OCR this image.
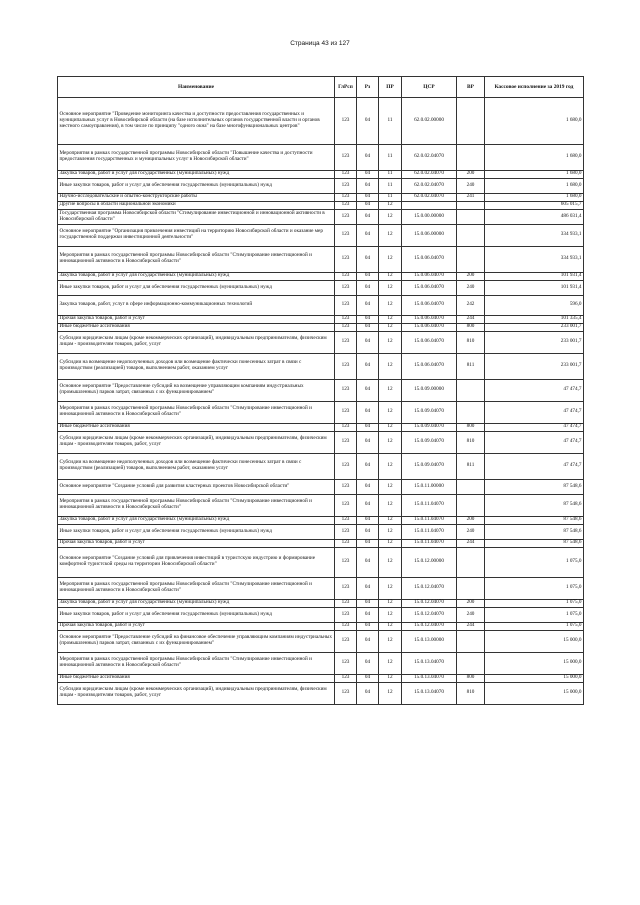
Страница 43 из 127
Наименование	ГлРсп	Рз	ПР	ЦСР	ВР	Кассовое исполнение за 2019 год
Основное мероприятие "Проведение мониторинга качества и доступности предоставления государственных и муниципальных услуг в Новосибирской области (на базе исполнительных органов государственной власти и органов местного самоуправления), в том числе по принципу "одного окна" на базе многофункциональных центров"	123	04	11	62.0.02.00000		1 680,0
Мероприятия в рамках государственной программы Новосибирской области "Повышение качества и доступности предоставления государственных и муниципальных услуг в Новосибирской области"	123	04	11	62.0.02.04070		1 680,0
Закупка товаров, работ и услуг для государственных (муниципальных) нужд	123	04	11	62.0.02.04070	200	1 680,0
Иные закупки товаров, работ и услуг для обеспечения государственных (муниципальных) нужд	123	04	11	62.0.02.04070	240	1 680,0
Научно-исследовательские и опытно-конструкторские работы	123	04	11	62.0.02.04070	241	1 680,0
Другие вопросы в области национальной экономики	123	04	12			605 015,7
Государственная программа Новосибирской области "Стимулирование инвестиционной и инновационной активности в Новосибирской области"	123	04	12	15.0.00.00000		486 031,4
Основное мероприятие "Организация привлечения инвестиций на территорию Новосибирской области и оказание мер государственной поддержки инвестиционной деятельности"	123	04	12	15.0.06.00000		334 933,1
Мероприятия в рамках государственной программы Новосибирской области "Стимулирование инвестиционной и инновационной активности в Новосибирской области"	123	04	12	15.0.06.04070		334 933,1
Закупка товаров, работ и услуг для государственных (муниципальных) нужд	123	04	12	15.0.06.04070	200	101 931,4
Иные закупки товаров, работ и услуг для обеспечения государственных (муниципальных) нужд	123	04	12	15.0.06.04070	240	101 931,4
Закупка товаров, работ, услуг в сфере информационно-коммуникационных технологий	123	04	12	15.0.06.04070	242	596,0
Прочая закупка товаров, работ и услуг	123	04	12	15.0.06.04070	244	101 335,4
Иные бюджетные ассигнования	123	04	12	15.0.06.04070	800	233 001,7
Субсидии юридическим лицам (кроме некоммерческих организаций), индивидуальным предпринимателям, физическим лицам - производителям товаров, работ, услуг	123	04	12	15.0.06.04070	810	233 001,7
Субсидии на возмещение недополученных доходов или возмещение фактически понесенных затрат в связи с производством (реализацией) товаров, выполнением работ, оказанием услуг	123	04	12	15.0.06.04070	811	233 001,7
Основное мероприятие "Предоставление субсидий на возмещение управляющим компаниям индустриальных (промышленных) парков затрат, связанных с их функционированием"	123	04	12	15.0.09.00000		47 474,7
Мероприятия в рамках государственной программы Новосибирской области "Стимулирование инвестиционной и инновационной активности в Новосибирской области"	123	04	12	15.0.09.04070		47 474,7
Иные бюджетные ассигнования	123	04	12	15.0.09.04070	800	47 474,7
Субсидии юридическим лицам (кроме некоммерческих организаций), индивидуальным предпринимателям, физическим лицам - производителям товаров, работ, услуг	123	04	12	15.0.09.04070	810	47 474,7
Субсидии на возмещение недополученных доходов или возмещение фактически понесенных затрат в связи с производством (реализацией) товаров, выполнением работ, оказанием услуг	123	04	12	15.0.09.04070	811	47 474,7
Основное мероприятие "Создание условий для развития кластерных проектов Новосибирской области"	123	04	12	15.0.11.00000		87 548,6
Мероприятия в рамках государственной программы Новосибирской области "Стимулирование инвестиционной и инновационной активности в Новосибирской области"	123	04	12	15.0.11.04070		87 548,6
Закупка товаров, работ и услуг для государственных (муниципальных) нужд	123	04	12	15.0.11.04070	200	87 548,6
Иные закупки товаров, работ и услуг для обеспечения государственных (муниципальных) нужд	123	04	12	15.0.11.04070	240	87 548,6
Прочая закупка товаров, работ и услуг	123	04	12	15.0.11.04070	244	87 548,6
Основное мероприятие "Создание условий для привлечения инвестиций в туристскую индустрию и формирование комфортной туристской среды на территории Новосибирской области"	123	04	12	15.0.12.00000		1 075,0
Мероприятия в рамках государственной программы Новосибирской области "Стимулирование инвестиционной и инновационной активности в Новосибирской области"	123	04	12	15.0.12.04070		1 075,0
Закупка товаров, работ и услуг для государственных (муниципальных) нужд	123	04	12	15.0.12.04070	200	1 075,0
Иные закупки товаров, работ и услуг для обеспечения государственных (муниципальных) нужд	123	04	12	15.0.12.04070	240	1 075,0
Прочая закупка товаров, работ и услуг	123	04	12	15.0.12.04070	244	1 075,0
Основное мероприятие "Предоставление субсидий на финансовое обеспечение управляющим компаниям индустриальных (промышленных) парков затрат, связанных с их функционированием"	123	04	12	15.0.13.00000		15 000,0
Мероприятия в рамках государственной программы Новосибирской области "Стимулирование инвестиционной и инновационной активности в Новосибирской области"	123	04	12	15.0.13.04070		15 000,0
Иные бюджетные ассигнования	123	04	12	15.0.13.04070	800	15 000,0
Субсидии юридическим лицам (кроме некоммерческих организаций), индивидуальным предпринимателям, физическим лицам - производителям товаров, работ, услуг	123	04	12	15.0.13.04070	810	15 000,0
